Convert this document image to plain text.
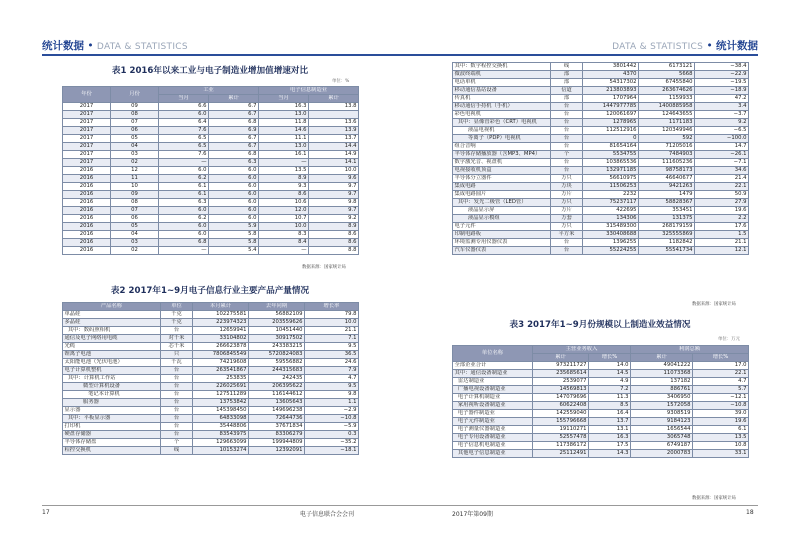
统计数据 • DATA & STATISTICS
表1 2016年以来工业与电子制造业增加值增速对比
单位：%
年份	月份	工业		电子信息制造业	
		当月	累计	当月	累计
2017	09	6.6	6.7	16.3	13.8
2017	08	6.0	6.7	13.0	
2017	07	6.4	6.8	11.8	13.6
2017	06	7.6	6.9	14.6	13.9
2017	05	6.5	6.7	11.1	13.7
2017	04	6.5	6.7	13.0	14.4
2017	03	7.6	6.8	16.1	14.9
2017	02	—	6.3	—	14.1
2016	12	6.0	6.0	13.5	10.0
2016	11	6.2	6.0	8.9	9.6
2016	10	6.1	6.0	9.3	9.7
2016	09	6.1	6.0	8.6	9.7
2016	08	6.3	6.0	10.6	9.8
2016	07	6.0	6.0	12.0	9.7
2016	06	6.2	6.0	10.7	9.2
2016	05	6.0	5.9	10.0	8.9
2016	04	6.0	5.8	8.3	8.6
2016	03	6.8	5.8	8.4	8.6
2016	02	—	5.4	—	8.8
数据来源：国家统计局
表2 2017年1~9月电子信息行业主要产品产量情况
产品名称	单位	本月累计	去年同期	增长率
单晶硅	千克	102275581	56882109	79.8
多晶硅	千克	223974323	203559626	10.0
其中：数码照相机	台	12659941	10451440	21.1
通信及电子网络用电缆	对千米	33104802	30917502	7.1
光缆	芯千米	266623878	243383215	9.5
锂离子电池	只	7806845549	5720824083	36.5
太阳能电池（光伏电池）	千瓦	74219608	59556882	24.6
电子计算机整机	台	263541867	244315683	7.9
其中：计算机工作站	台	253835	242435	4.7
微型计算机设备	台	226025691	206395622	9.5
笔记本计算机	台	127511289	116144612	9.8
服务器	台	13753842	13605643	1.1
显示器	台	145398450	149696238	−2.9
其中：平板显示器	台	64833098	72644736	−10.8
打印机	台	35448806	37671834	−5.9
硬盘存储器	台	83543975	83306279	0.3
半导体存储盘	个	129663099	199944809	−35.2
程控交换机	线	10153274	12392091	−18.1
17	电子信息联合会会刊
DATA & STATISTICS • 统计数据
其中：数字程控交换机	线	3801442	6173121	−38.4
微波终端机	部	4370	5668	−22.9
电话单机	部	54317302	67455840	−19.5
移动通信基站设备	信道	213803893	263674626	−18.9
传真机	部	1707964	1159933	47.2
移动通信手持机（手机）	台	1447977785	1400885958	3.4
彩色电视机	台	120061697	124643655	−3.7
其中：显像管彩色（CRT）电视机	台	1278965	1171183	9.2
液晶电视机	台	112512916	120349946	−6.5
等离子（PDP）电视机	台	0	592	−100.0
组合音响	台	81654164	71205016	14.7
半导体存储播放器（含MP3、MP4）	个	5534755	7484903	−26.1
数字激光音、视盘机	台	103865536	111605236	−7.1
电视接收机顶盒	台	132971185	98758173	34.6
半导体分立器件	万只	56610975	46640677	21.4
集成电路	万块	11506253	9421263	22.1
集成电路圆片	万片	2232	1479	50.9
其中：发光二极管（LED管）	万只	75237117	58828367	27.9
液晶显示屏	万片	422695	353451	19.6
液晶显示模组	万套	134306	131375	2.2
电子元件	万只	315489300	268179159	17.6
印制电路板	平方米	330408688	325555869	1.5
环境监测专用仪器仪表	台	1396255	1182842	21.1
汽车仪器仪表	台	55224255	55541734	12.1
数据来源：国家统计局
表3 2017年1~9月份规模以上制造业效益情况
单位：万元
单位名称	主营业务收入		利润总额	
	累计	增长%	累计	增长%
全部企业合计	973211727	14.0	49041222	17.0
其中：通信设备制造业	235685614	14.5	11073368	22.1
雷达制造业	2539077	4.9	137182	4.7
广播电视设备制造业	14569813	7.2	886761	5.7
电子计算机制造业	147079696	11.3	3406950	−12.1
家用视听设备制造业	60622408	8.5	1572058	−10.8
电子器件制造业	142559040	16.4	9308519	39.0
电子元件制造业	155796668	13.7	9184123	19.6
电子测量仪器制造业	19110271	13.1	1656544	6.1
电子专用设备制造业	52557478	16.3	3065748	13.5
电子信息机电制造业	117386172	17.5	6749187	10.8
其他电子信息制造业	25112491	14.3	2000783	33.1
数据来源：国家统计局
2017年第09期	18
